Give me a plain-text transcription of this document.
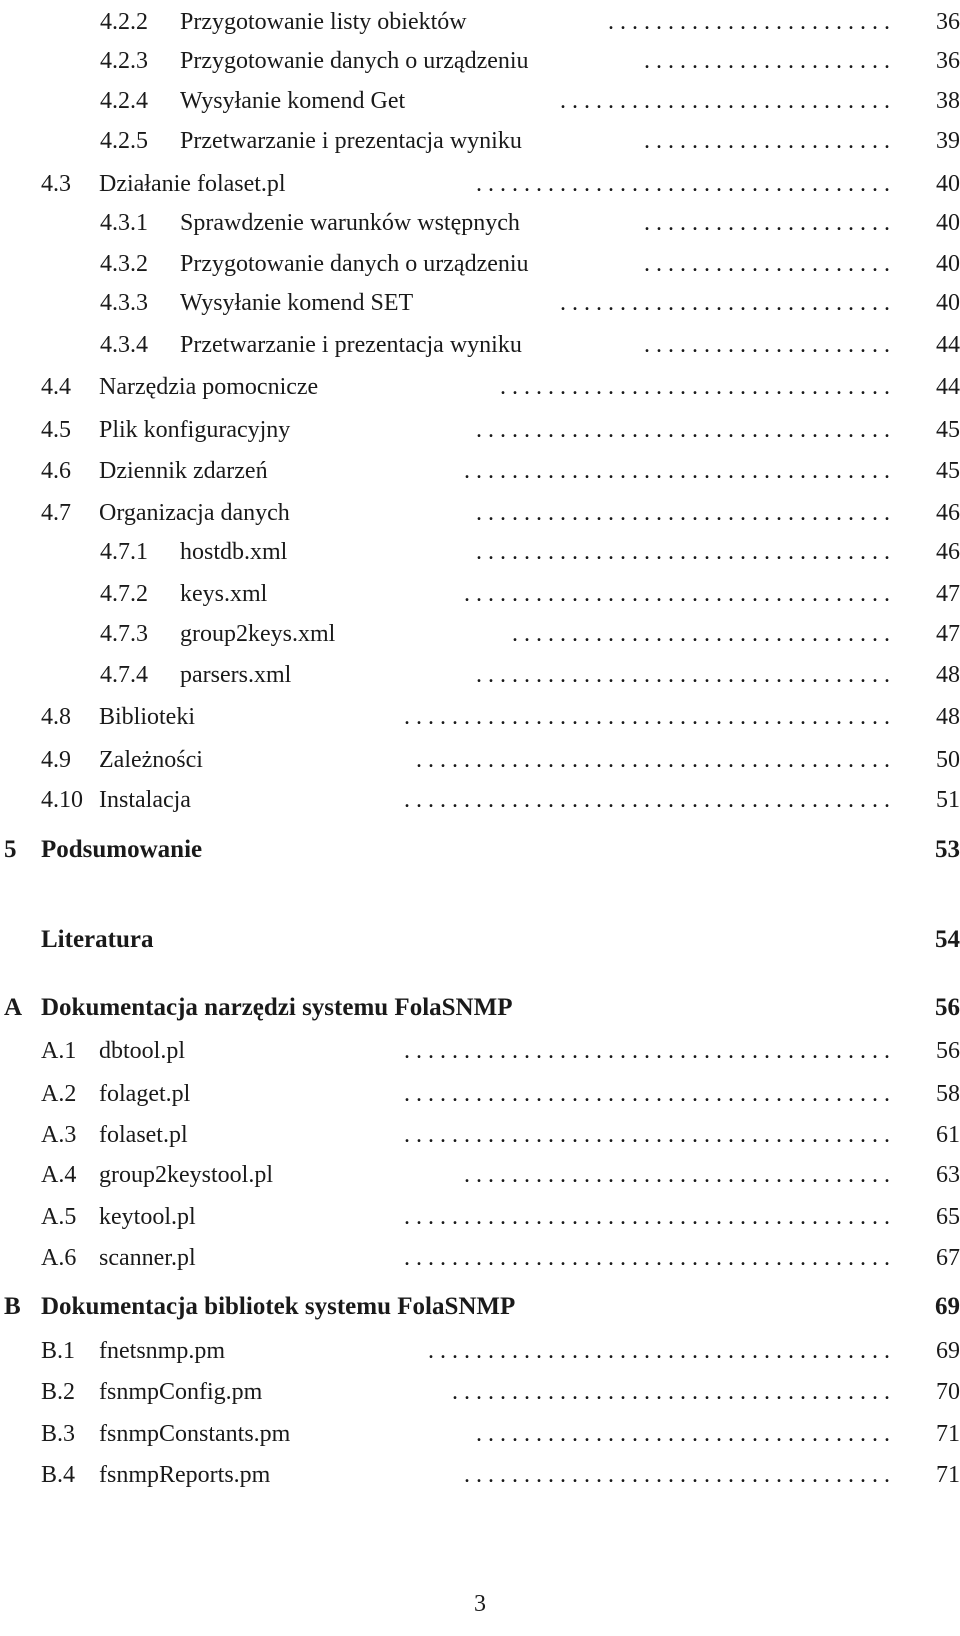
4.2.2	Przygotowanie listy obiektów	36
. . . . . . . . . . . . . . . . . . . . . . . .
4.2.3	Przygotowanie danych o urządzeniu	36
. . . . . . . . . . . . . . . . . . . . .
4.2.4	Wysyłanie komend Get	38
. . . . . . . . . . . . . . . . . . . . . . . . . . . .
4.2.5	Przetwarzanie i prezentacja wyniku	39
. . . . . . . . . . . . . . . . . . . . .
4.3	Działanie folaset.pl	40
. . . . . . . . . . . . . . . . . . . . . . . . . . . . . . . . . . .
4.3.1	Sprawdzenie warunków wstępnych	40
. . . . . . . . . . . . . . . . . . . . .
4.3.2	Przygotowanie danych o urządzeniu	40
. . . . . . . . . . . . . . . . . . . . .
4.3.3	Wysyłanie komend SET	40
. . . . . . . . . . . . . . . . . . . . . . . . . . . .
4.3.4	Przetwarzanie i prezentacja wyniku	44
. . . . . . . . . . . . . . . . . . . . .
4.4	Narzędzia pomocnicze	44
. . . . . . . . . . . . . . . . . . . . . . . . . . . . . . . . .
4.5	Plik konfiguracyjny	45
. . . . . . . . . . . . . . . . . . . . . . . . . . . . . . . . . . .
4.6	Dziennik zdarzeń	45
. . . . . . . . . . . . . . . . . . . . . . . . . . . . . . . . . . . .
4.7	Organizacja danych	46
. . . . . . . . . . . . . . . . . . . . . . . . . . . . . . . . . . .
4.7.1	hostdb.xml	46
. . . . . . . . . . . . . . . . . . . . . . . . . . . . . . . . . . .
4.7.2	keys.xml	47
. . . . . . . . . . . . . . . . . . . . . . . . . . . . . . . . . . . .
4.7.3	group2keys.xml	47
. . . . . . . . . . . . . . . . . . . . . . . . . . . . . . . .
4.7.4	parsers.xml	48
. . . . . . . . . . . . . . . . . . . . . . . . . . . . . . . . . . .
4.8	Biblioteki	48
. . . . . . . . . . . . . . . . . . . . . . . . . . . . . . . . . . . . . . . . .
4.9	Zależności	50
. . . . . . . . . . . . . . . . . . . . . . . . . . . . . . . . . . . . . . . .
4.10 Instalacja	51
. . . . . . . . . . . . . . . . . . . . . . . . . . . . . . . . . . . . . . . . .
5 Podsumowanie	53
Literatura	54
A Dokumentacja narzędzi systemu FolaSNMP	56
A.1 dbtool.pl	56
. . . . . . . . . . . . . . . . . . . . . . . . . . . . . . . . . . . . . . . . .
A.2 folaget.pl	58
. . . . . . . . . . . . . . . . . . . . . . . . . . . . . . . . . . . . . . . . .
A.3 folaset.pl	61
. . . . . . . . . . . . . . . . . . . . . . . . . . . . . . . . . . . . . . . . .
A.4 group2keystool.pl	63
. . . . . . . . . . . . . . . . . . . . . . . . . . . . . . . . . . . .
A.5 keytool.pl	65
. . . . . . . . . . . . . . . . . . . . . . . . . . . . . . . . . . . . . . . . .
A.6 scanner.pl	67
. . . . . . . . . . . . . . . . . . . . . . . . . . . . . . . . . . . . . . . . .
B Dokumentacja bibliotek systemu FolaSNMP	69
B.1 fnetsnmp.pm	69
. . . . . . . . . . . . . . . . . . . . . . . . . . . . . . . . . . . . . . .
B.2 fsnmpConfig.pm	70
. . . . . . . . . . . . . . . . . . . . . . . . . . . . . . . . . . . . .
B.3 fsnmpConstants.pm	71
. . . . . . . . . . . . . . . . . . . . . . . . . . . . . . . . . . .
B.4 fsnmpReports.pm	71
. . . . . . . . . . . . . . . . . . . . . . . . . . . . . . . . . . . .
3
